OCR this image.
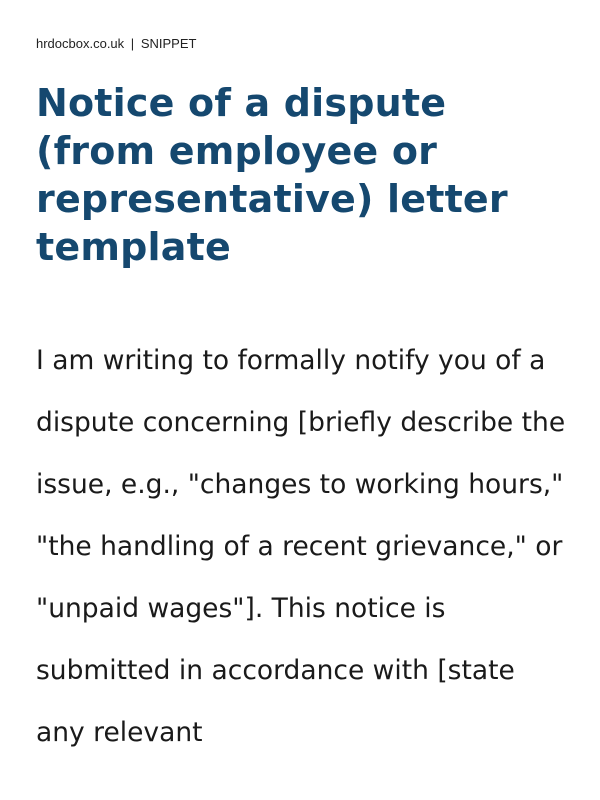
hrdocbox.co.uk | SNIPPET
Notice of a dispute (from employee or representative) letter template

I am writing to formally notify you of a dispute concerning [briefly describe the issue, e.g., "changes to working hours," "the handling of a recent grievance," or "unpaid wages"]. This notice is submitted in accordance with [state any relevant
